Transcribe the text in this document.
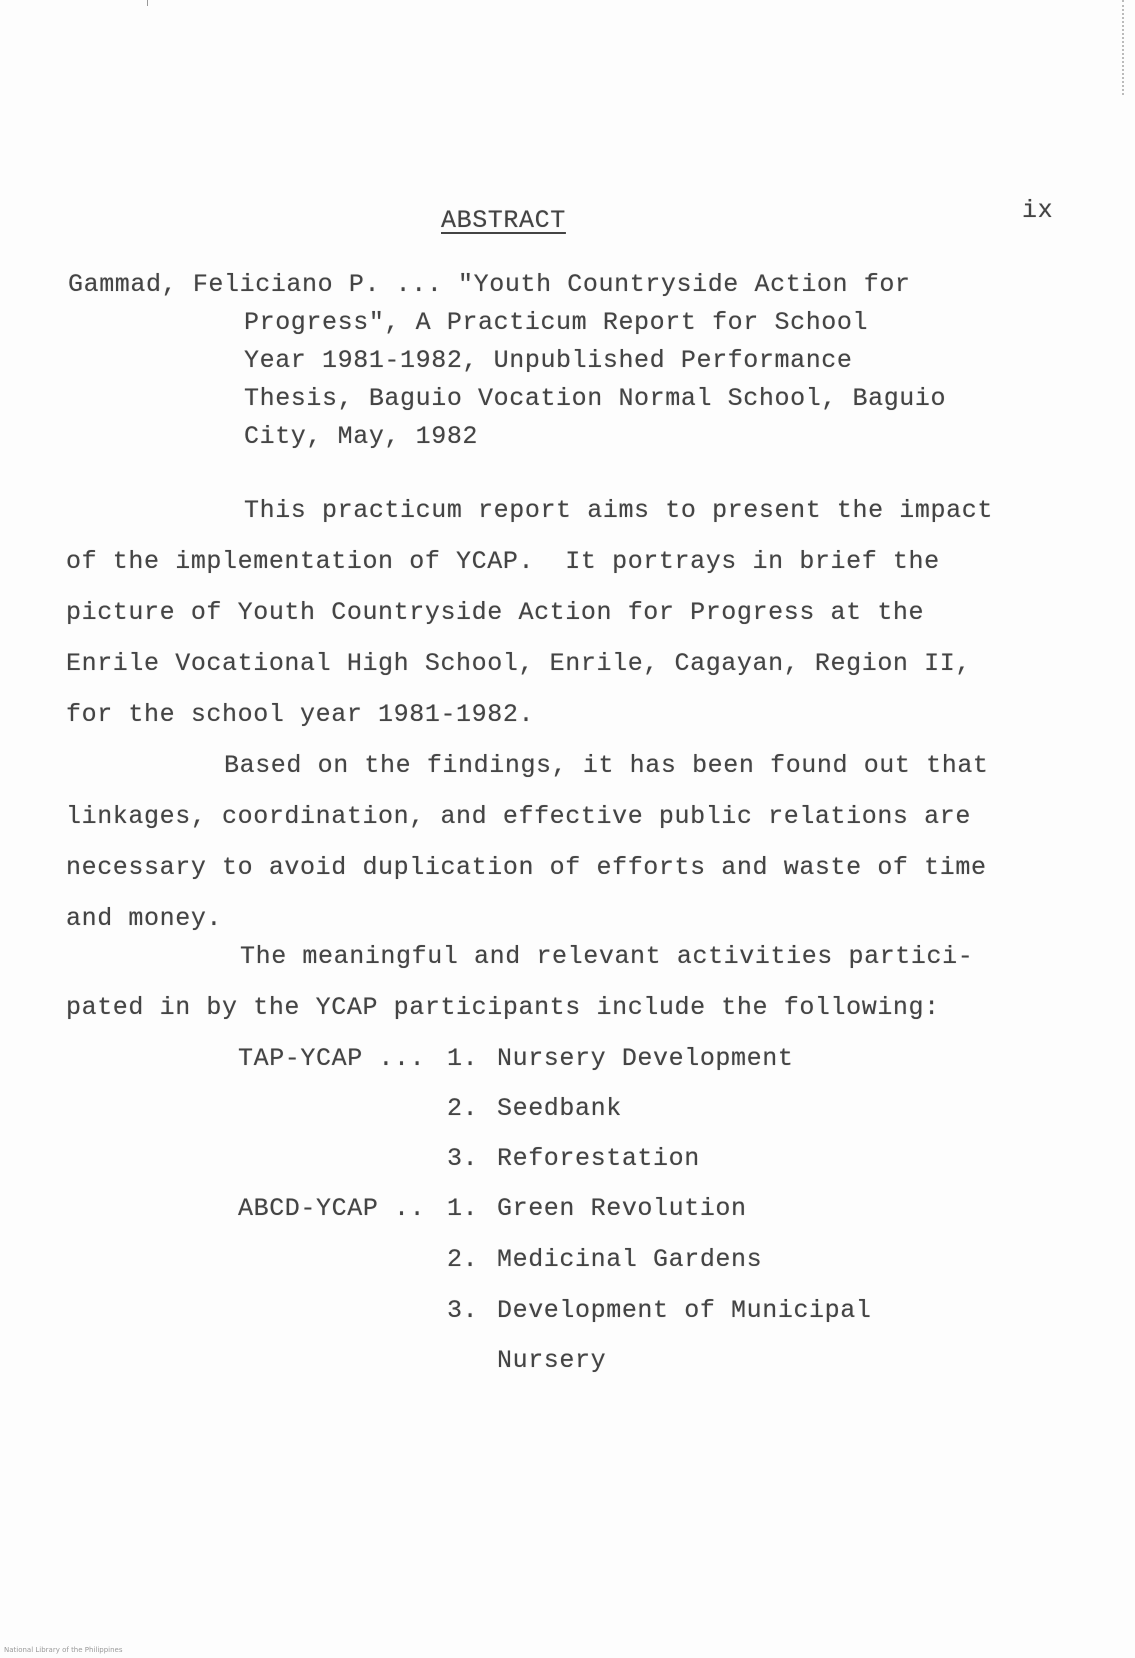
ABSTRACT	ix
Gammad, Feliciano P. ... "Youth Countryside Action for
Progress", A Practicum Report for School
Year 1981-1982, Unpublished Performance
Thesis, Baguio Vocation Normal School, Baguio
City, May, 1982
This practicum report aims to present the impact
of the implementation of YCAP.  It portrays in brief the
picture of Youth Countryside Action for Progress at the
Enrile Vocational High School, Enrile, Cagayan, Region II,
for the school year 1981-1982.
Based on the findings, it has been found out that
linkages, coordination, and effective public relations are
necessary to avoid duplication of efforts and waste of time
and money.
The meaningful and relevant activities partici-
pated in by the YCAP participants include the following:
TAP-YCAP ... 1. Nursery Development
2. Seedbank
3. Reforestation
ABCD-YCAP .. 1. Green Revolution
2. Medicinal Gardens
3. Development of Municipal
Nursery
National Library of the Philippines
